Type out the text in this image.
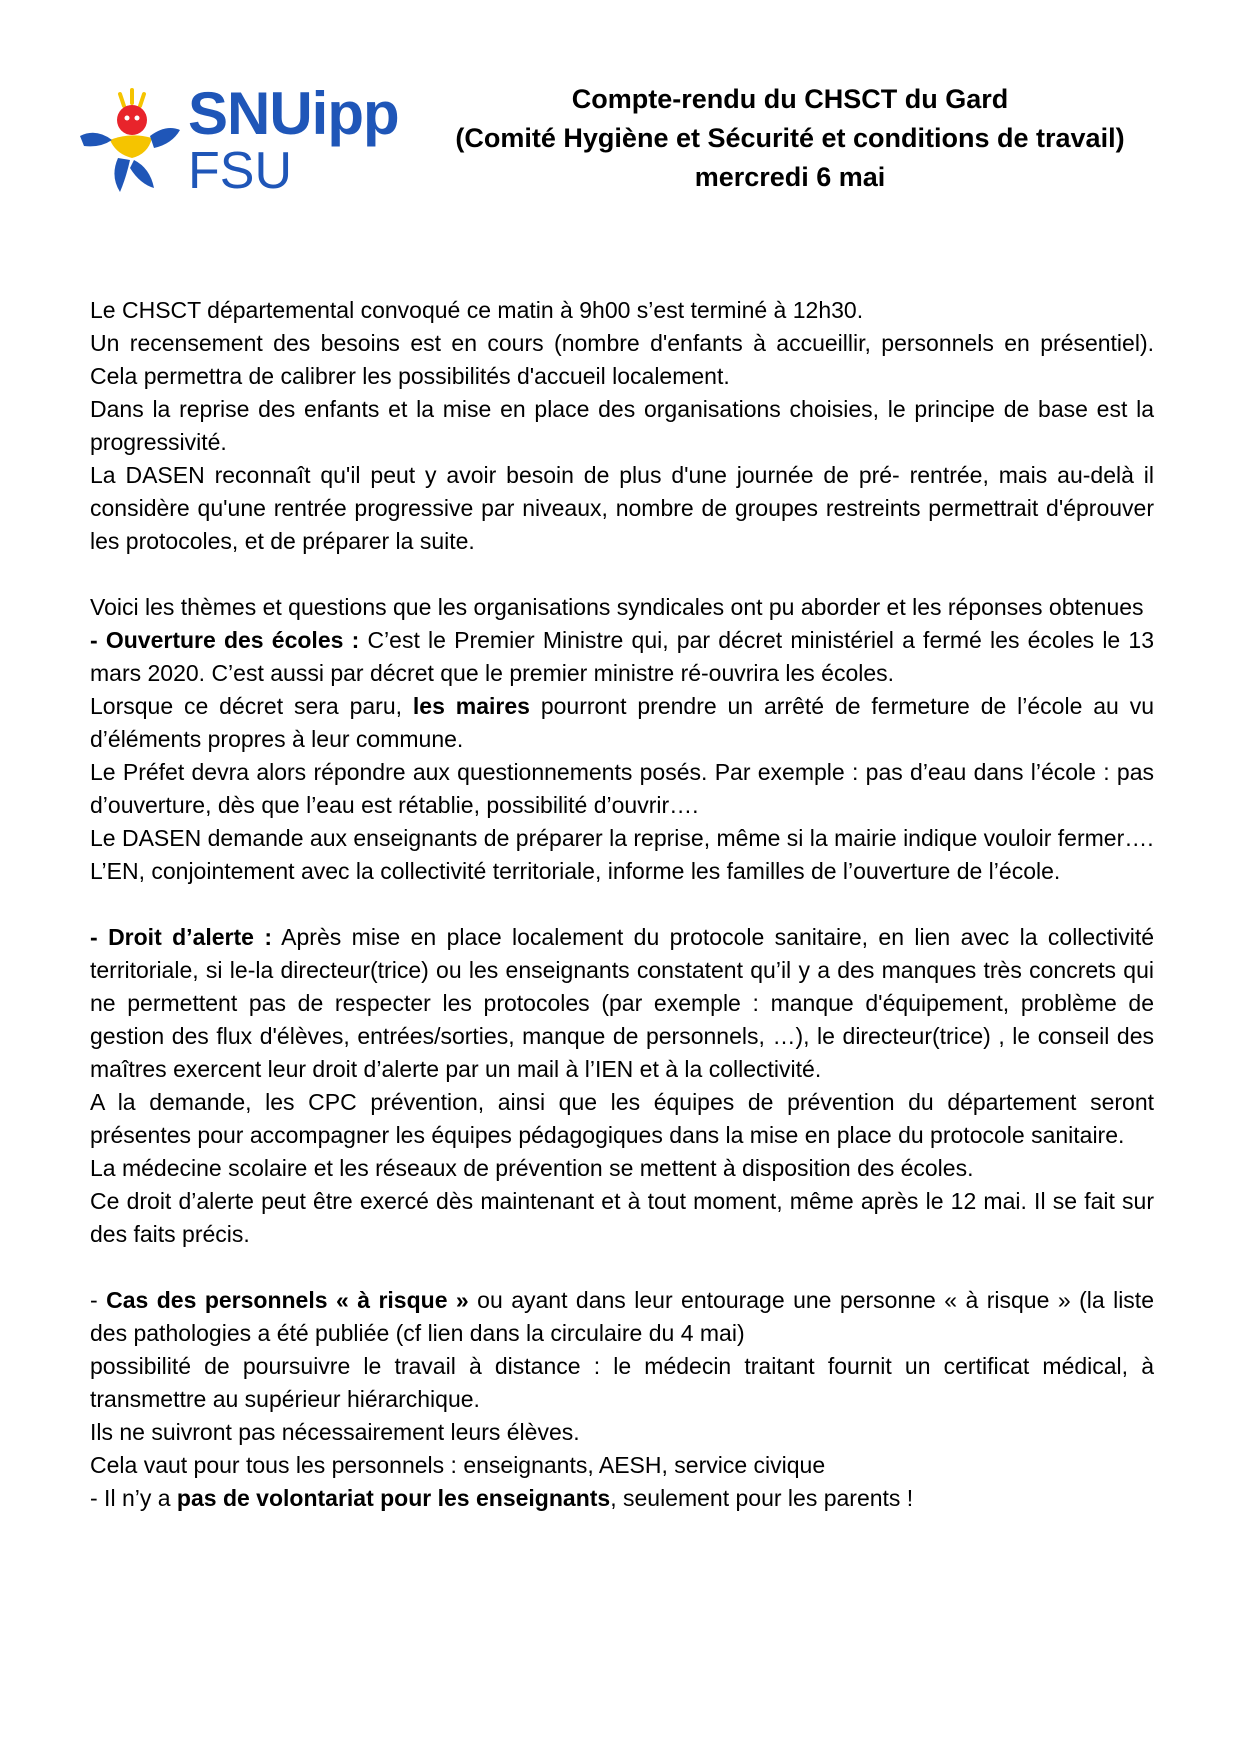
SNUipp
FSU

Compte-rendu du CHSCT du Gard

(Comité Hygiène et Sécurité et conditions de travail)

mercredi 6 mai

Le CHSCT départemental convoqué ce matin à 9h00 s’est terminé à 12h30.

Un recensement des besoins est en cours (nombre d'enfants à accueillir, personnels en présentiel). Cela permettra de calibrer les possibilités d'accueil localement.

Dans la reprise des enfants et la mise en place des organisations choisies, le principe de base est la progressivité.

La DASEN reconnaît qu'il peut y avoir besoin de plus d'une journée de pré- rentrée, mais au-delà il considère qu'une rentrée progressive par niveaux, nombre de groupes restreints permettrait d'éprouver les protocoles, et de préparer la suite.

Voici les thèmes et questions que les organisations syndicales ont pu aborder et les réponses obtenues

- Ouverture des écoles : C’est le Premier Ministre qui, par décret ministériel a fermé les écoles le 13 mars 2020. C’est aussi par décret que le premier ministre ré-ouvrira les écoles.

Lorsque ce décret sera paru, les maires pourront prendre un arrêté de fermeture de l’école au vu d’éléments propres à leur commune.

Le Préfet devra alors répondre aux questionnements posés. Par exemple : pas d’eau dans l’école : pas d’ouverture, dès que l’eau est rétablie, possibilité d’ouvrir….

Le DASEN demande aux enseignants de préparer la reprise, même si la mairie indique vouloir fermer….

L’EN, conjointement avec la collectivité territoriale, informe les familles de l’ouverture de l’école.

- Droit d’alerte : Après mise en place localement du protocole sanitaire, en lien avec la collectivité territoriale, si le-la directeur(trice) ou les enseignants constatent qu’il y a des manques très concrets qui ne permettent pas de respecter les protocoles (par exemple : manque d'équipement, problème de gestion des flux d'élèves, entrées/sorties, manque de personnels, …), le directeur(trice) , le conseil des maîtres exercent leur droit d’alerte par un mail à l’IEN et à la collectivité.

A la demande, les CPC prévention, ainsi que les équipes de prévention du département seront présentes pour accompagner les équipes pédagogiques dans la mise en place du protocole sanitaire.

La médecine scolaire et les réseaux de prévention se mettent à disposition des écoles.

Ce droit d’alerte peut être exercé dès maintenant et à tout moment, même après le 12 mai. Il se fait sur des faits précis.

- Cas des personnels « à risque » ou ayant dans leur entourage une personne « à risque » (la liste des pathologies a été publiée (cf lien dans la circulaire du 4 mai)

possibilité de poursuivre le travail à distance : le médecin traitant fournit un certificat médical, à transmettre au supérieur hiérarchique.

Ils ne suivront pas nécessairement leurs élèves.

Cela vaut pour tous les personnels : enseignants, AESH, service civique

- Il n’y a pas de volontariat pour les enseignants, seulement pour les parents !
